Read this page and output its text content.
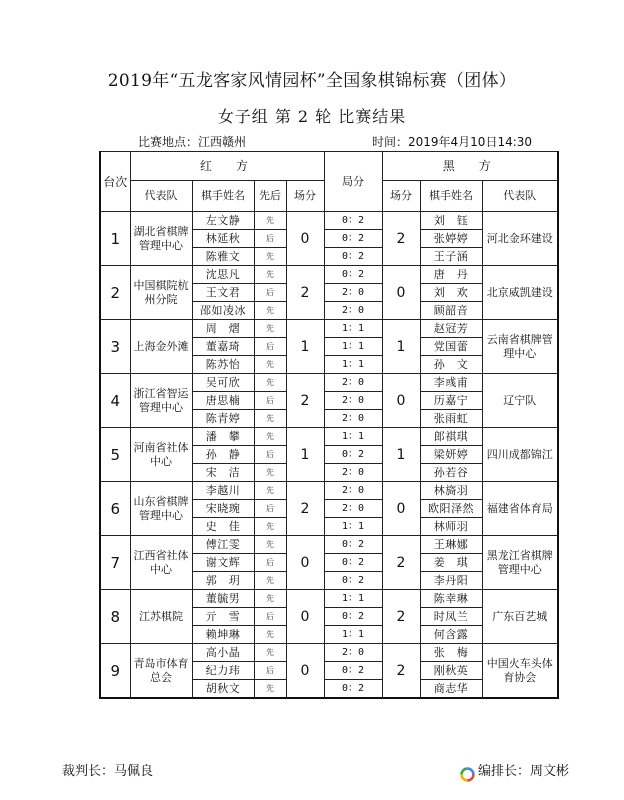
2019年“五龙客家风情园杯”全国象棋锦标赛（团体）
女子组 第 2 轮 比赛结果
比赛地点：江西赣州	时间：2019年4月10日14:30
台次	红　方				局分	黑　方		
	代表队	棋手姓名	先后	场分		场分	棋手姓名	代表队
1	湖北省棋牌管理中心	左文静	先	0	0：2	2	刘　钰	河北金环建设
		林延秋	后		0：2		张婷婷	
		陈雅文	先		0：2		王子涵	
2	中国棋院杭州分院	沈思凡	先	2	0：2	0	唐　丹	北京威凯建设
		王文君	后		2：0		刘　欢	
		邵如凌冰	先		2：0		顾韶音	
3	上海金外滩	周　熠	先	1	1：1	1	赵冠芳	云南省棋牌管理中心
		董嘉琦	后		1：1		党国蕾	
		陈苏怡	先		1：1		孙　文	
4	浙江省智运管理中心	吴可欣	先	2	2：0	0	李彧甫	辽宁队
		唐思楠	后		2：0		历嘉宁	
		陈青婷	先		2：0		张雨虹	
5	河南省社体中心	潘　攀	先	1	1：1	1	郎祺琪	四川成都锦江
		孙　静	后		0：2		梁妍婷	
		宋　洁	先		2：0		孙若谷	
6	山东省棋牌管理中心	李越川	先	2	2：0	0	林旖羽	福建省体育局
		宋晓琬	后		2：0		欧阳泽然	
		史　佳	先		1：1		林师羽	
7	江西省社体中心	傅江雯	先	0	0：2	2	王琳娜	黑龙江省棋牌管理中心
		谢文辉	后		0：2		姜　琪	
		郭　玥	先		0：2		李丹阳	
8	江苏棋院	董毓男	先	0	1：1	2	陈幸琳	广东百艺城
		亓　雪	后		0：2		时凤兰	
		赖坤琳	先		1：1		何含露	
9	青岛市体育总会	高小晶	先	0	2：0	2	张　梅	中国火车头体育协会
		纪力玮	后		0：2		刚秋英	
		胡秋文	先		0：2		商志华	
裁判长：马佩良	编排长：周文彬
